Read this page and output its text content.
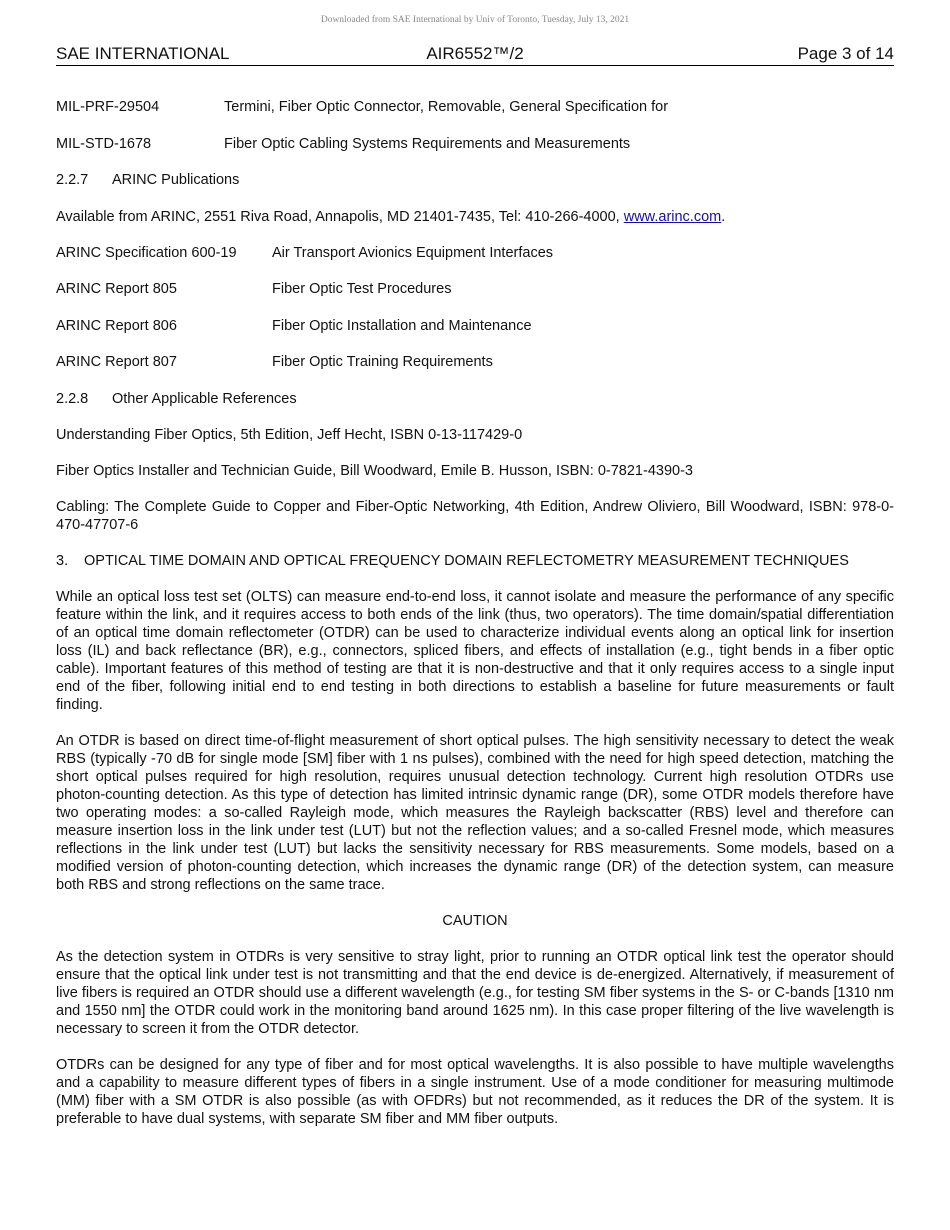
Downloaded from SAE International by Univ of Toronto, Tuesday, July 13, 2021
SAE INTERNATIONAL	AIR6552™/2	Page 3 of 14
MIL-PRF-29504	Termini, Fiber Optic Connector, Removable, General Specification for
MIL-STD-1678	Fiber Optic Cabling Systems Requirements and Measurements
2.2.7	ARINC Publications

Available from ARINC, 2551 Riva Road, Annapolis, MD 21401-7435, Tel: 410-266-4000, www.arinc.com.

ARINC Specification 600-19	Air Transport Avionics Equipment Interfaces
ARINC Report 805	Fiber Optic Test Procedures
ARINC Report 806	Fiber Optic Installation and Maintenance
ARINC Report 807	Fiber Optic Training Requirements
2.2.8	Other Applicable References

Understanding Fiber Optics, 5th Edition, Jeff Hecht, ISBN 0-13-117429-0

Fiber Optics Installer and Technician Guide, Bill Woodward, Emile B. Husson, ISBN: 0-7821-4390-3

Cabling: The Complete Guide to Copper and Fiber-Optic Networking, 4th Edition, Andrew Oliviero, Bill Woodward, ISBN: 978-0-470-47707-6

3.	OPTICAL TIME DOMAIN AND OPTICAL FREQUENCY DOMAIN REFLECTOMETRY MEASUREMENT TECHNIQUES

While an optical loss test set (OLTS) can measure end-to-end loss, it cannot isolate and measure the performance of any specific feature within the link, and it requires access to both ends of the link (thus, two operators). The time domain/spatial differentiation of an optical time domain reflectometer (OTDR) can be used to characterize individual events along an optical link for insertion loss (IL) and back reflectance (BR), e.g., connectors, spliced fibers, and effects of installation (e.g., tight bends in a fiber optic cable). Important features of this method of testing are that it is non-destructive and that it only requires access to a single input end of the fiber, following initial end to end testing in both directions to establish a baseline for future measurements or fault finding.

An OTDR is based on direct time-of-flight measurement of short optical pulses. The high sensitivity necessary to detect the weak RBS (typically -70 dB for single mode [SM] fiber with 1 ns pulses), combined with the need for high speed detection, matching the short optical pulses required for high resolution, requires unusual detection technology. Current high resolution OTDRs use photon-counting detection. As this type of detection has limited intrinsic dynamic range (DR), some OTDR models therefore have two operating modes: a so-called Rayleigh mode, which measures the Rayleigh backscatter (RBS) level and therefore can measure insertion loss in the link under test (LUT) but not the reflection values; and a so-called Fresnel mode, which measures reflections in the link under test (LUT) but lacks the sensitivity necessary for RBS measurements. Some models, based on a modified version of photon-counting detection, which increases the dynamic range (DR) of the detection system, can measure both RBS and strong reflections on the same trace.

CAUTION

As the detection system in OTDRs is very sensitive to stray light, prior to running an OTDR optical link test the operator should ensure that the optical link under test is not transmitting and that the end device is de-energized. Alternatively, if measurement of live fibers is required an OTDR should use a different wavelength (e.g., for testing SM fiber systems in the S- or C-bands [1310 nm and 1550 nm] the OTDR could work in the monitoring band around 1625 nm). In this case proper filtering of the live wavelength is necessary to screen it from the OTDR detector.

OTDRs can be designed for any type of fiber and for most optical wavelengths. It is also possible to have multiple wavelengths and a capability to measure different types of fibers in a single instrument. Use of a mode conditioner for measuring multimode (MM) fiber with a SM OTDR is also possible (as with OFDRs) but not recommended, as it reduces the DR of the system. It is preferable to have dual systems, with separate SM fiber and MM fiber outputs.
